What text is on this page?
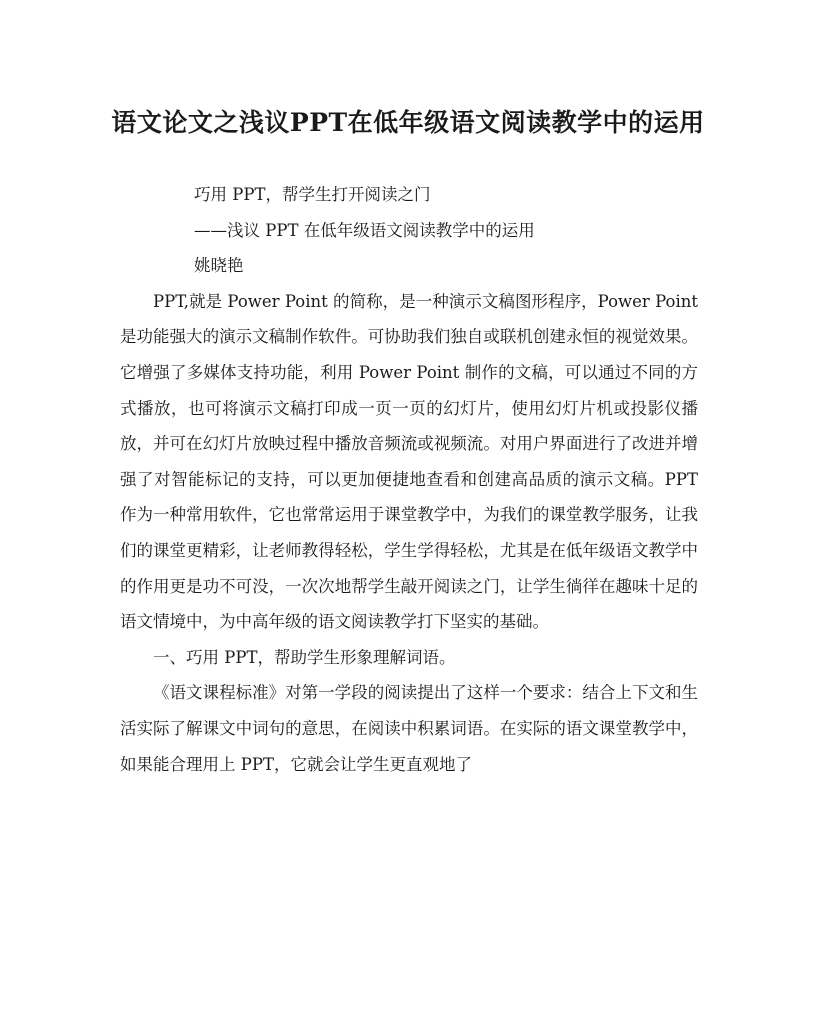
语文论文之浅议PPT在低年级语文阅读教学中的运用

巧用 PPT，帮学生打开阅读之门

——浅议 PPT 在低年级语文阅读教学中的运用

姚晓艳

PPT,就是 Power Point 的简称，是一种演示文稿图形程序，Power Point 是功能强大的演示文稿制作软件。可协助我们独自或联机创建永恒的视觉效果。它增强了多媒体支持功能，利用 Power Point 制作的文稿，可以通过不同的方式播放，也可将演示文稿打印成一页一页的幻灯片，使用幻灯片机或投影仪播放，并可在幻灯片放映过程中播放音频流或视频流。对用户界面进行了改进并增强了对智能标记的支持，可以更加便捷地查看和创建高品质的演示文稿。PPT 作为一种常用软件，它也常常运用于课堂教学中，为我们的课堂教学服务，让我们的课堂更精彩，让老师教得轻松，学生学得轻松，尤其是在低年级语文教学中的作用更是功不可没，一次次地帮学生敲开阅读之门，让学生徜徉在趣味十足的语文情境中，为中高年级的语文阅读教学打下坚实的基础。

一、巧用 PPT，帮助学生形象理解词语。

《语文课程标准》对第一学段的阅读提出了这样一个要求：结合上下文和生活实际了解课文中词句的意思，在阅读中积累词语。在实际的语文课堂教学中，如果能合理用上 PPT，它就会让学生更直观地了
